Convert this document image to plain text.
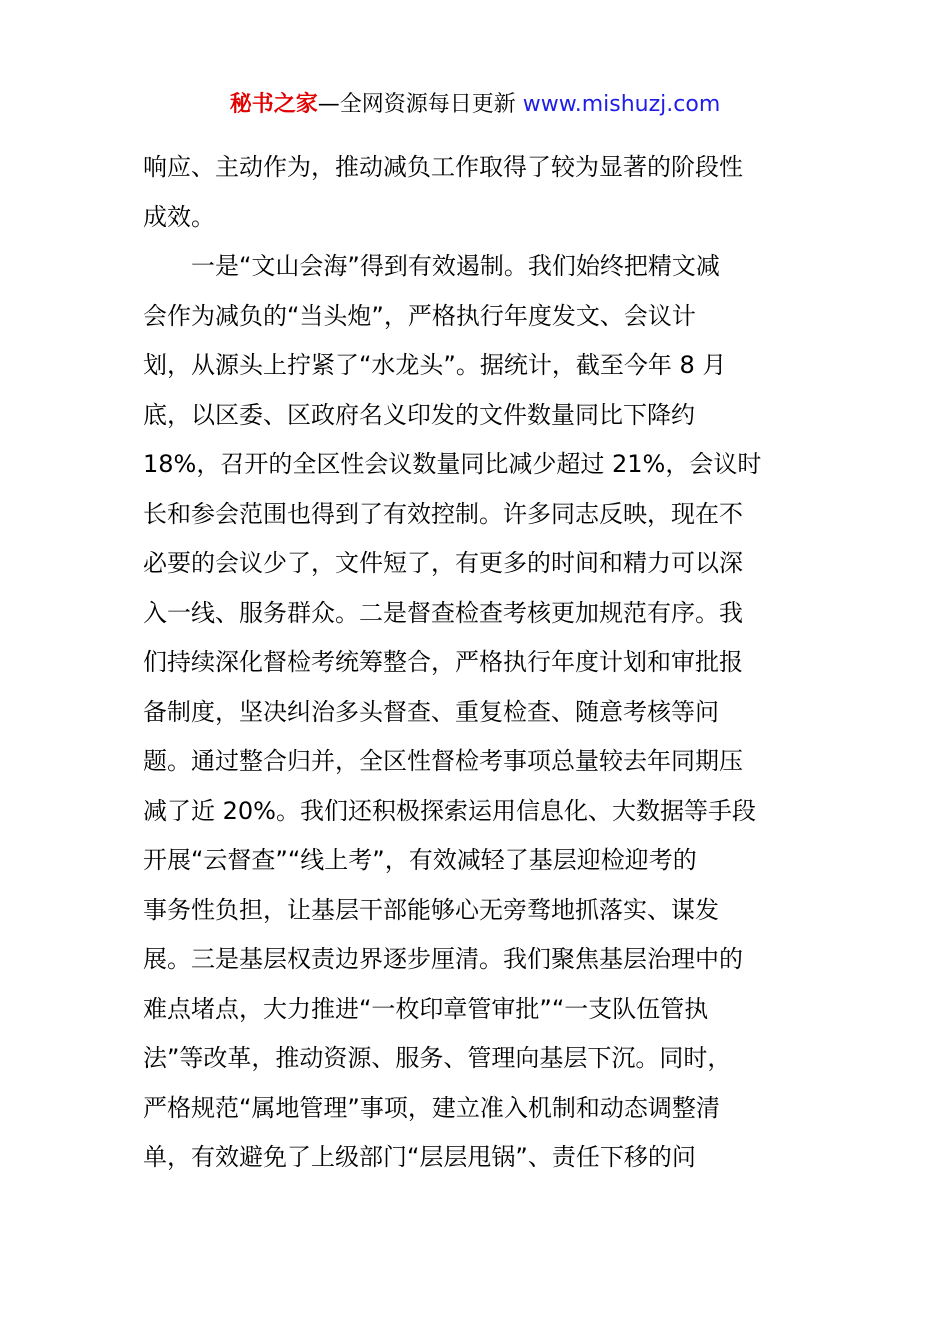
秘书之家—全网资源每日更新 www.mishuzj.com
响应、主动作为，推动减负工作取得了较为显著的阶段性
成效。
　　一是“文山会海”得到有效遏制。我们始终把精文减
会作为减负的“当头炮”，严格执行年度发文、会议计
划，从源头上拧紧了“水龙头”。据统计，截至今年 8 月
底，以区委、区政府名义印发的文件数量同比下降约
18%，召开的全区性会议数量同比减少超过 21%，会议时
长和参会范围也得到了有效控制。许多同志反映，现在不
必要的会议少了，文件短了，有更多的时间和精力可以深
入一线、服务群众。二是督查检查考核更加规范有序。我
们持续深化督检考统筹整合，严格执行年度计划和审批报
备制度，坚决纠治多头督查、重复检查、随意考核等问
题。通过整合归并，全区性督检考事项总量较去年同期压
减了近 20%。我们还积极探索运用信息化、大数据等手段
开展“云督查”“线上考”，有效减轻了基层迎检迎考的
事务性负担，让基层干部能够心无旁骛地抓落实、谋发
展。三是基层权责边界逐步厘清。我们聚焦基层治理中的
难点堵点，大力推进“一枚印章管审批”“一支队伍管执
法”等改革，推动资源、服务、管理向基层下沉。同时，
严格规范“属地管理”事项，建立准入机制和动态调整清
单，有效避免了上级部门“层层甩锅”、责任下移的问
